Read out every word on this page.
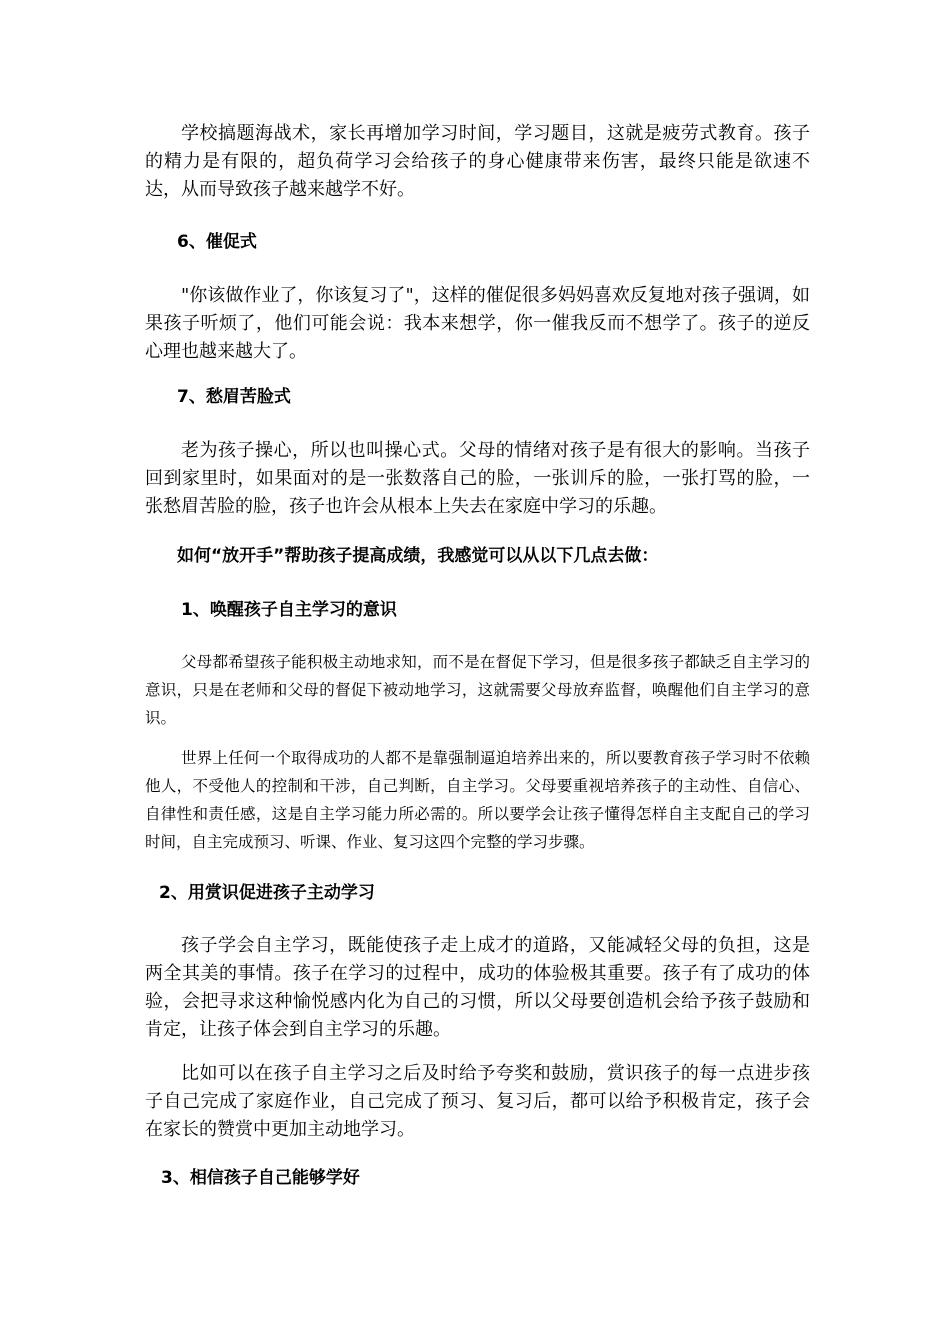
学校搞题海战术，家长再增加学习时间，学习题目，这就是疲劳式教育。孩子的精力是有限的，超负荷学习会给孩子的身心健康带来伤害，最终只能是欲速不达，从而导致孩子越来越学不好。

6、催促式

"你该做作业了，你该复习了"，这样的催促很多妈妈喜欢反复地对孩子强调，如果孩子听烦了，他们可能会说：我本来想学，你一催我反而不想学了。孩子的逆反心理也越来越大了。

7、愁眉苦脸式

老为孩子操心，所以也叫操心式。父母的情绪对孩子是有很大的影响。当孩子回到家里时，如果面对的是一张数落自己的脸，一张训斥的脸，一张打骂的脸，一张愁眉苦脸的脸，孩子也许会从根本上失去在家庭中学习的乐趣。

如何“放开手”帮助孩子提高成绩，我感觉可以从以下几点去做：
1、唤醒孩子自主学习的意识

父母都希望孩子能积极主动地求知，而不是在督促下学习，但是很多孩子都缺乏自主学习的意识，只是在老师和父母的督促下被动地学习，这就需要父母放弃监督，唤醒他们自主学习的意识。

世界上任何一个取得成功的人都不是靠强制逼迫培养出来的，所以要教育孩子学习时不依赖他人，不受他人的控制和干涉，自己判断，自主学习。父母要重视培养孩子的主动性、自信心、自律性和责任感，这是自主学习能力所必需的。所以要学会让孩子懂得怎样自主支配自己的学习时间，自主完成预习、听课、作业、复习这四个完整的学习步骤。

2、用赏识促进孩子主动学习

孩子学会自主学习，既能使孩子走上成才的道路，又能减轻父母的负担，这是两全其美的事情。孩子在学习的过程中，成功的体验极其重要。孩子有了成功的体验，会把寻求这种愉悦感内化为自己的习惯，所以父母要创造机会给予孩子鼓励和肯定，让孩子体会到自主学习的乐趣。

比如可以在孩子自主学习之后及时给予夸奖和鼓励，赏识孩子的每一点进步孩子自己完成了家庭作业，自己完成了预习、复习后，都可以给予积极肯定，孩子会在家长的赞赏中更加主动地学习。

3、相信孩子自己能够学好
